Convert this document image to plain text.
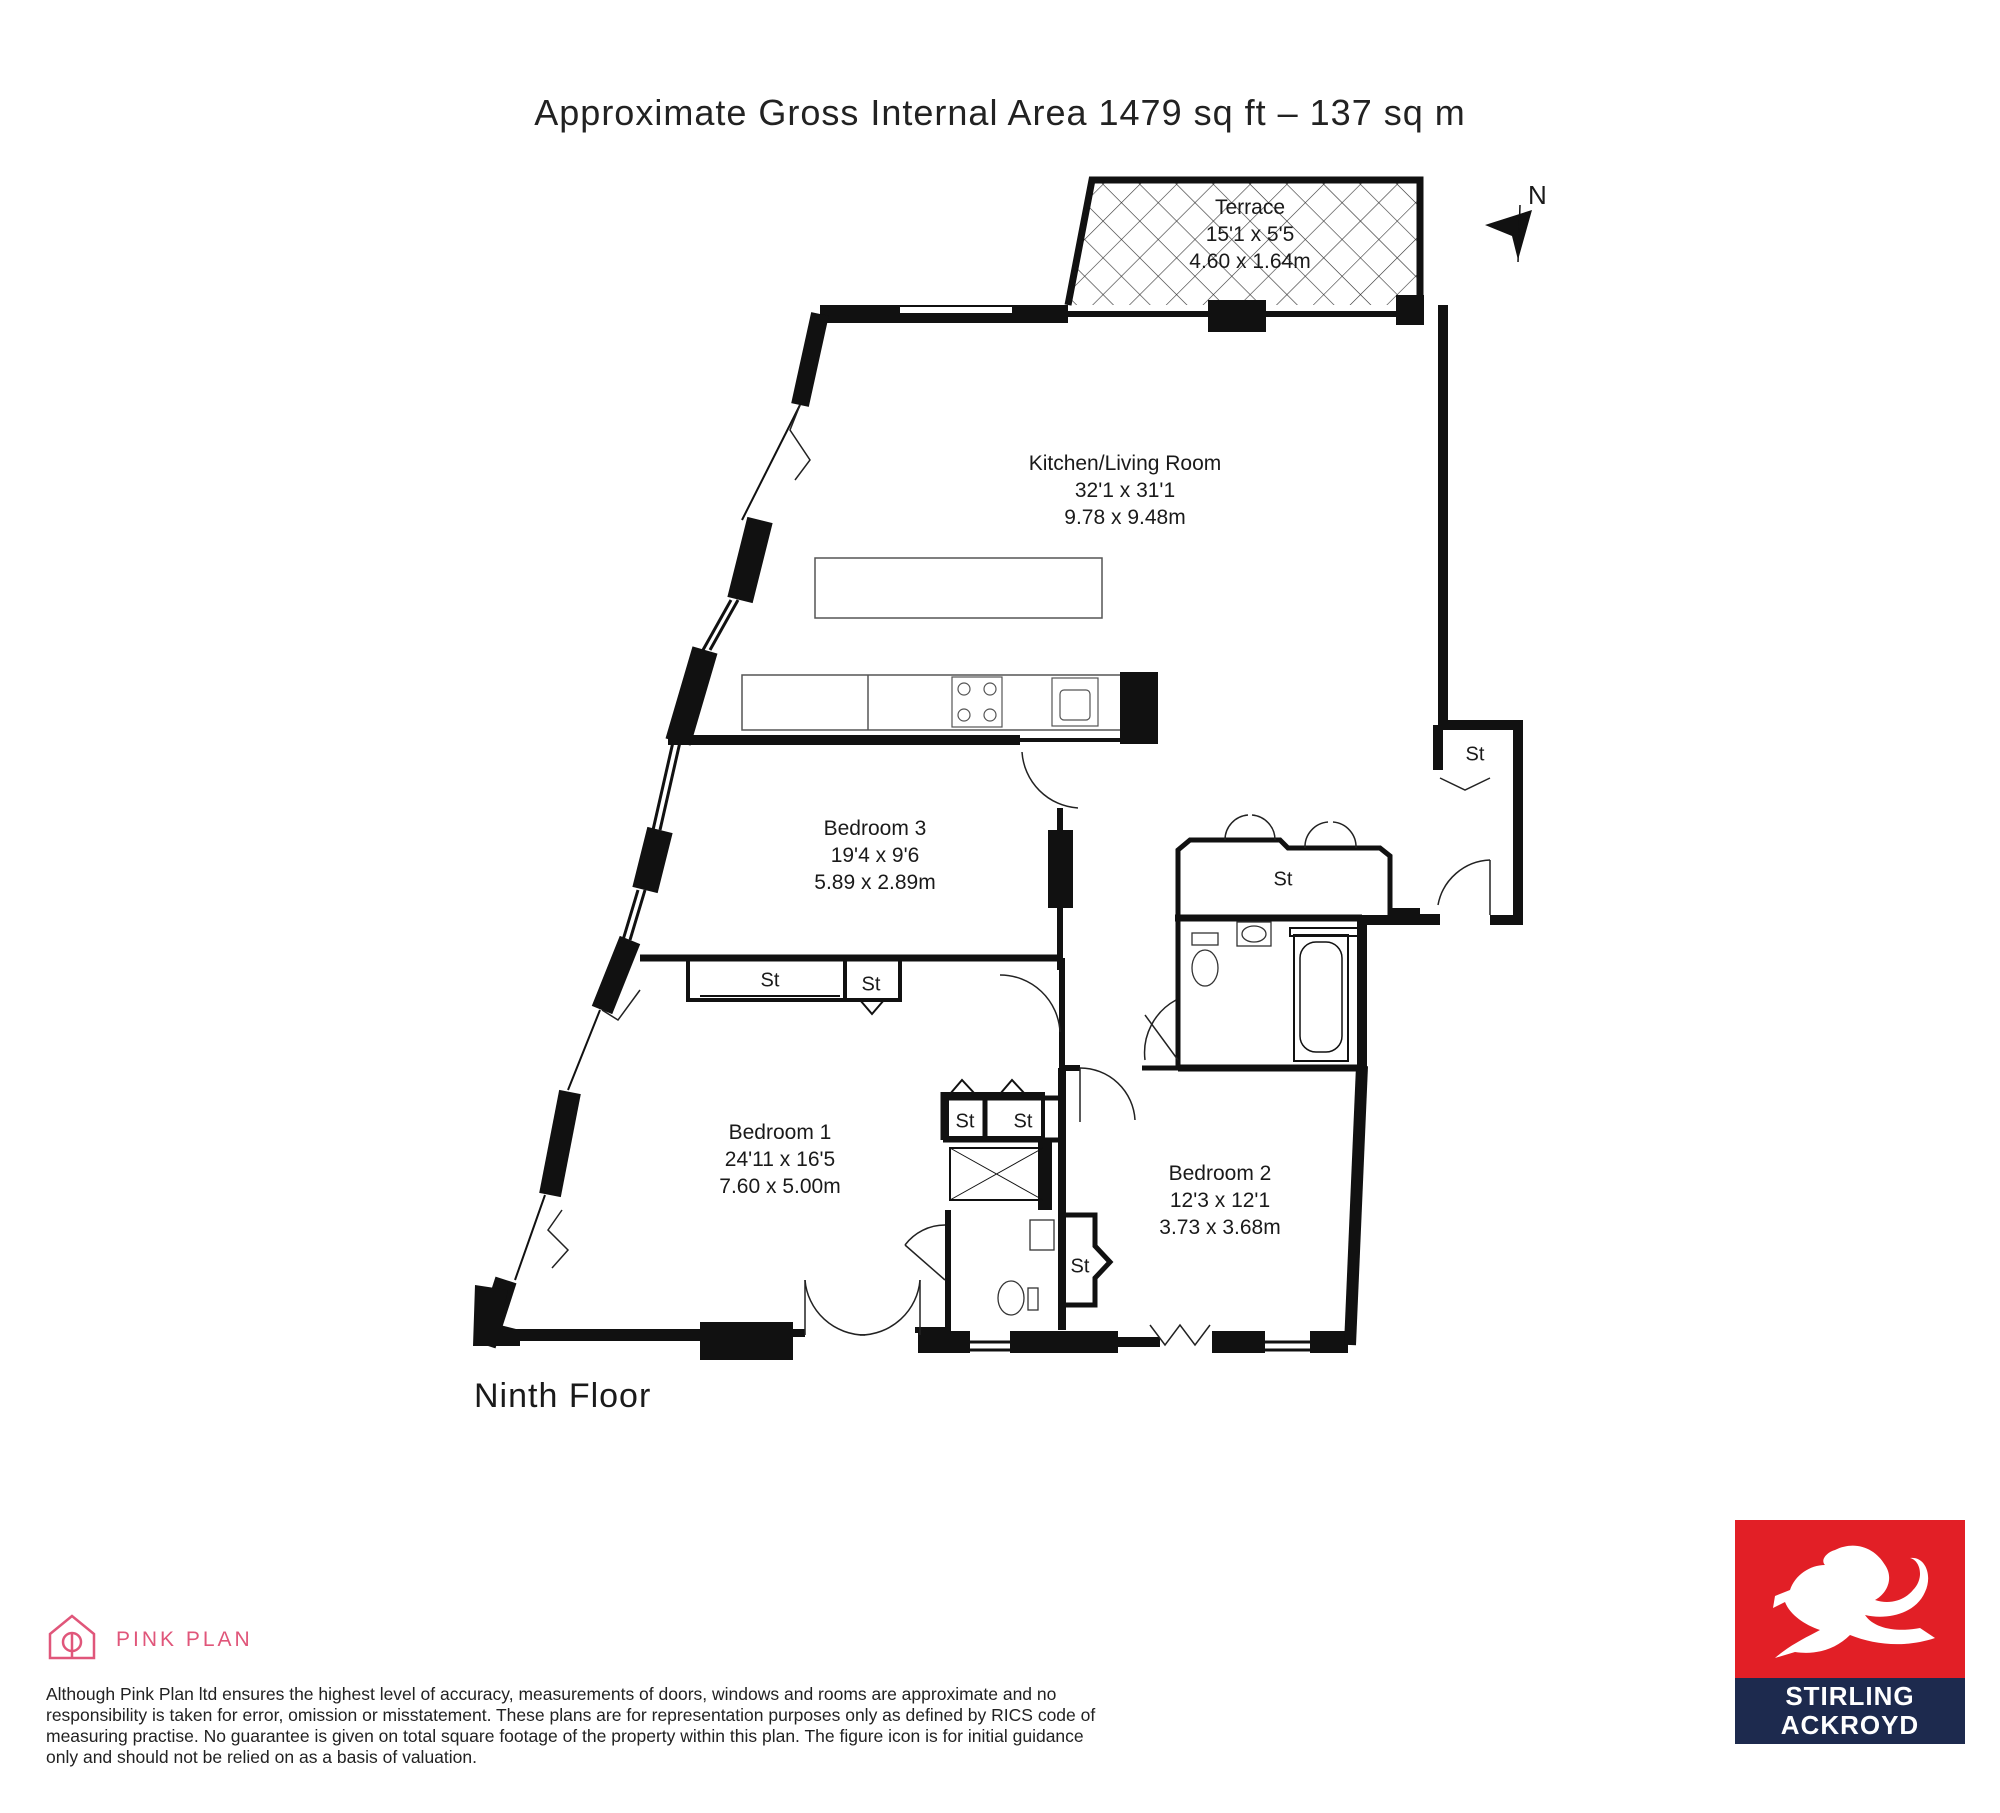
Approximate Gross Internal Area 1479 sq ft – 137 sq m
Terrace
15'1 x 5'5
4.60 x 1.64m
Kitchen/Living Room
32'1 x 31'1
9.78 x 9.48m
Bedroom 3
19'4 x 9'6
5.89 x 2.89m
Bedroom 1
24'11 x 16'5
7.60 x 5.00m
Bedroom 2
12'3 x 12'1
3.73 x 3.68m
St
St
St	St
St St
St
N
Ninth Floor
PINK PLAN
Although Pink Plan ltd ensures the highest level of accuracy, measurements of doors, windows and rooms are approximate and no responsibility is taken for error, omission or misstatement. These plans are for representation purposes only as defined by RICS code of measuring practise. No guarantee is given on total square footage of the property within this plan. The figure icon is for initial guidance only and should not be relied on as a basis of valuation.
STIRLING
ACKROYD
